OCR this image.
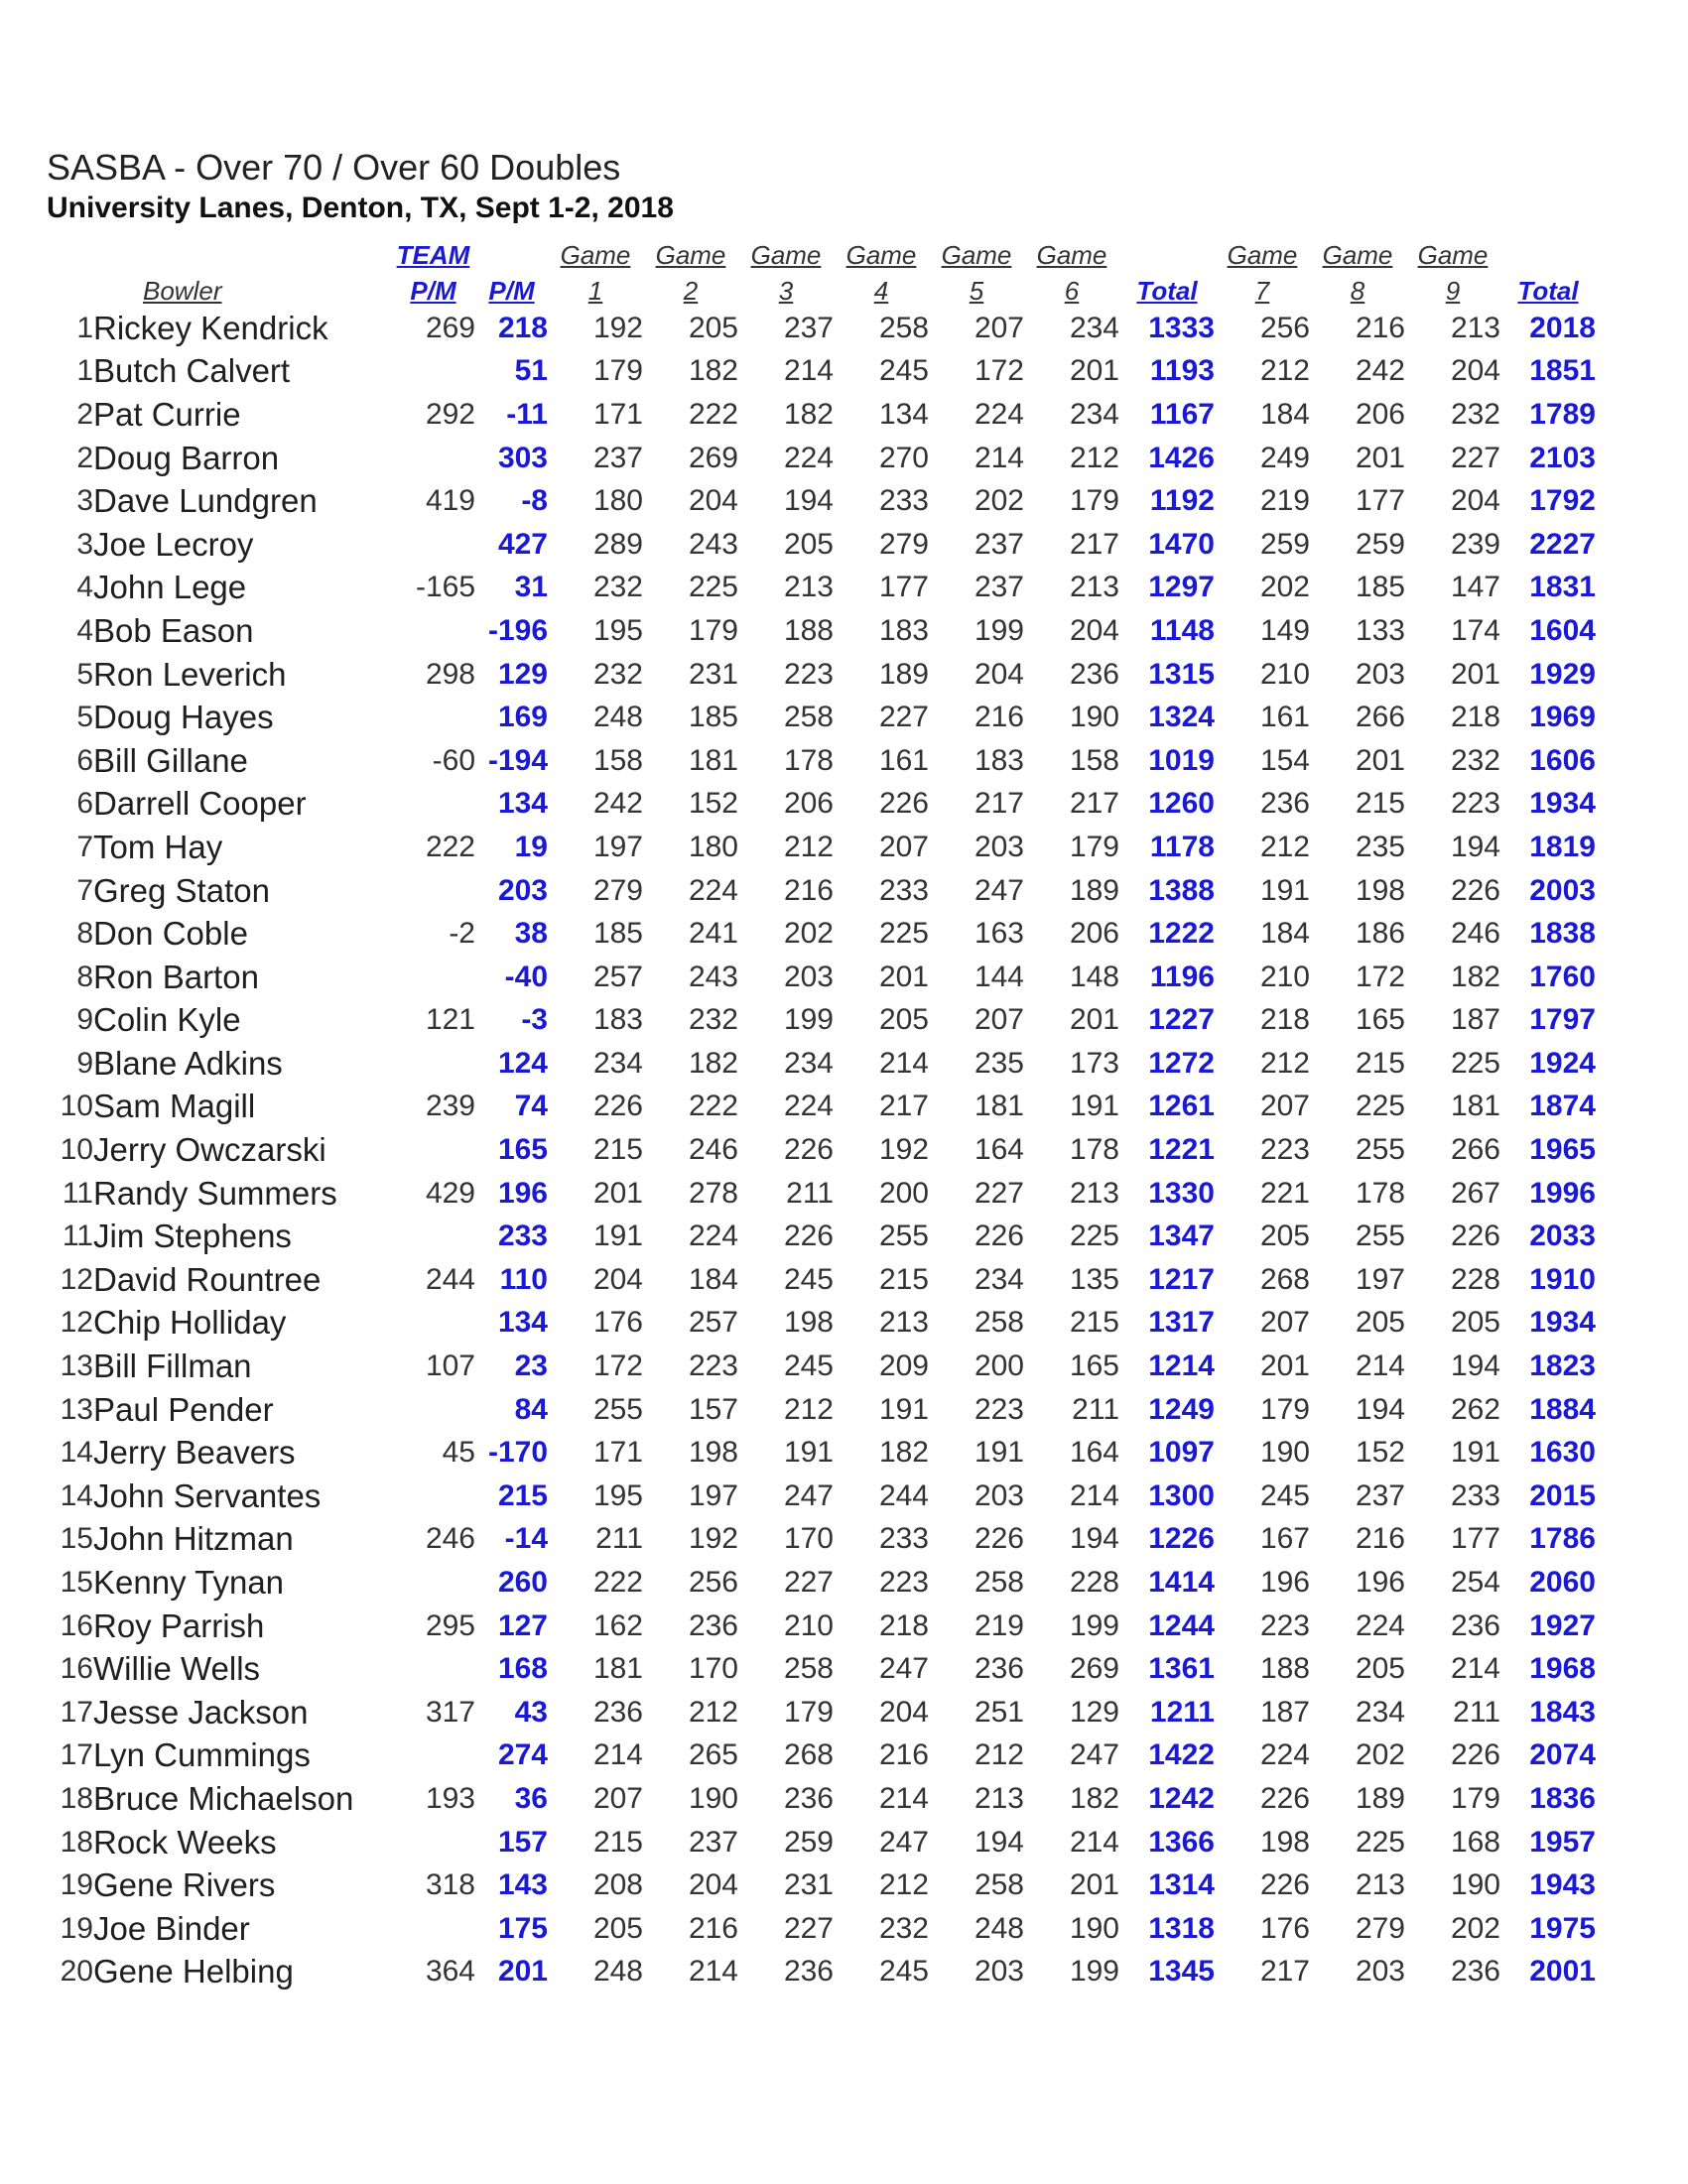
SASBA - Over 70 / Over 60 Doubles
University Lanes, Denton, TX, Sept 1-2, 2018
		TEAM		Game	Game	Game	Game	Game	Game		Game	Game	Game	
	Bowler	P/M	P/M	1	2	3	4	5	6	Total	7	8	9	Total
1	Rickey Kendrick	269	218	192	205	237	258	207	234	1333	256	216	213	2018
1	Butch Calvert		51	179	182	214	245	172	201	1193	212	242	204	1851
2	Pat Currie	292	-11	171	222	182	134	224	234	1167	184	206	232	1789
2	Doug Barron		303	237	269	224	270	214	212	1426	249	201	227	2103
3	Dave Lundgren	419	-8	180	204	194	233	202	179	1192	219	177	204	1792
3	Joe Lecroy		427	289	243	205	279	237	217	1470	259	259	239	2227
4	John Lege	-165	31	232	225	213	177	237	213	1297	202	185	147	1831
4	Bob Eason		-196	195	179	188	183	199	204	1148	149	133	174	1604
5	Ron Leverich	298	129	232	231	223	189	204	236	1315	210	203	201	1929
5	Doug Hayes		169	248	185	258	227	216	190	1324	161	266	218	1969
6	Bill Gillane	-60	-194	158	181	178	161	183	158	1019	154	201	232	1606
6	Darrell Cooper		134	242	152	206	226	217	217	1260	236	215	223	1934
7	Tom Hay	222	19	197	180	212	207	203	179	1178	212	235	194	1819
7	Greg Staton		203	279	224	216	233	247	189	1388	191	198	226	2003
8	Don Coble	-2	38	185	241	202	225	163	206	1222	184	186	246	1838
8	Ron Barton		-40	257	243	203	201	144	148	1196	210	172	182	1760
9	Colin Kyle	121	-3	183	232	199	205	207	201	1227	218	165	187	1797
9	Blane Adkins		124	234	182	234	214	235	173	1272	212	215	225	1924
10	Sam Magill	239	74	226	222	224	217	181	191	1261	207	225	181	1874
10	Jerry Owczarski		165	215	246	226	192	164	178	1221	223	255	266	1965
11	Randy Summers	429	196	201	278	211	200	227	213	1330	221	178	267	1996
11	Jim Stephens		233	191	224	226	255	226	225	1347	205	255	226	2033
12	David Rountree	244	110	204	184	245	215	234	135	1217	268	197	228	1910
12	Chip Holliday		134	176	257	198	213	258	215	1317	207	205	205	1934
13	Bill Fillman	107	23	172	223	245	209	200	165	1214	201	214	194	1823
13	Paul Pender		84	255	157	212	191	223	211	1249	179	194	262	1884
14	Jerry Beavers	45	-170	171	198	191	182	191	164	1097	190	152	191	1630
14	John Servantes		215	195	197	247	244	203	214	1300	245	237	233	2015
15	John Hitzman	246	-14	211	192	170	233	226	194	1226	167	216	177	1786
15	Kenny Tynan		260	222	256	227	223	258	228	1414	196	196	254	2060
16	Roy Parrish	295	127	162	236	210	218	219	199	1244	223	224	236	1927
16	Willie Wells		168	181	170	258	247	236	269	1361	188	205	214	1968
17	Jesse Jackson	317	43	236	212	179	204	251	129	1211	187	234	211	1843
17	Lyn Cummings		274	214	265	268	216	212	247	1422	224	202	226	2074
18	Bruce Michaelson	193	36	207	190	236	214	213	182	1242	226	189	179	1836
18	Rock Weeks		157	215	237	259	247	194	214	1366	198	225	168	1957
19	Gene Rivers	318	143	208	204	231	212	258	201	1314	226	213	190	1943
19	Joe Binder		175	205	216	227	232	248	190	1318	176	279	202	1975
20	Gene Helbing	364	201	248	214	236	245	203	199	1345	217	203	236	2001
